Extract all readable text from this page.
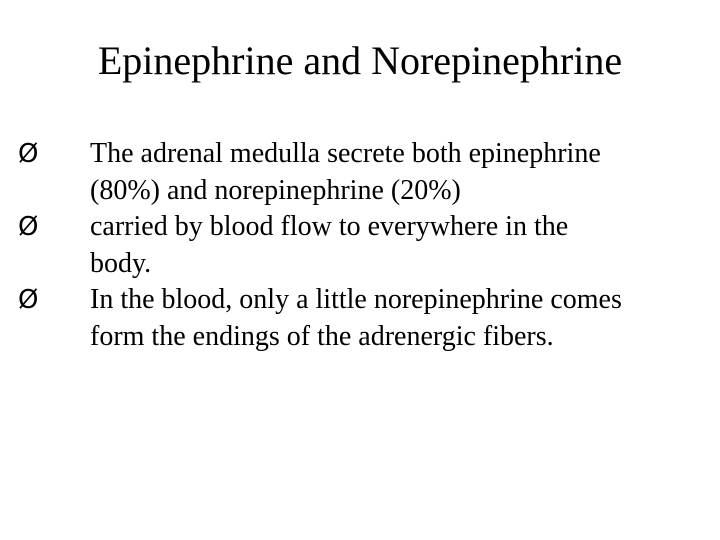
Epinephrine and Norepinephrine
Ø	The adrenal medulla secrete both epinephrine
(80%) and norepinephrine (20%)
Ø	carried by blood flow to everywhere in the
body.
Ø	In the blood, only a little norepinephrine comes
form the endings of the adrenergic fibers.
